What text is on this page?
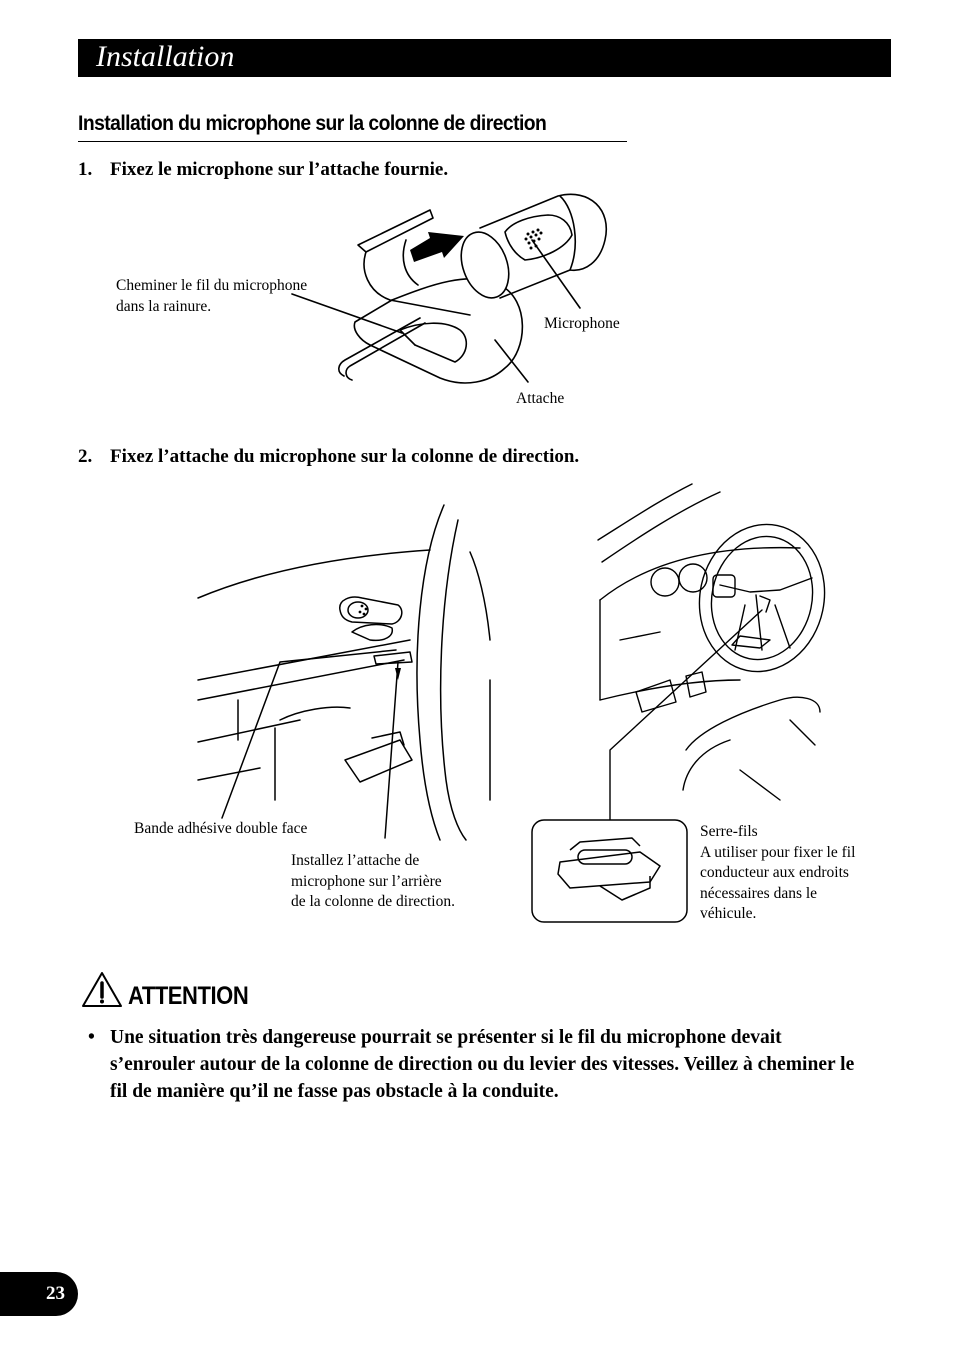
Installation
Installation du microphone sur la colonne de direction
1. Fixez le microphone sur l’attache fournie.
Cheminer le fil du microphone
dans la rainure.
Microphone
Attache
2. Fixez l’attache du microphone sur la colonne de direction.
Bande adhésive double face
Installez l’attache de
microphone sur l’arrière
de la colonne de direction.
Serre-fils
A utiliser pour fixer le fil
conducteur aux endroits
nécessaires dans le
véhicule.
ATTENTION
• Une situation très dangereuse pourrait se présenter si le fil du microphone devait s’enrouler autour de la colonne de direction ou du levier des vitesses. Veillez à cheminer le fil de manière qu’il ne fasse pas obstacle à la conduite.
23
